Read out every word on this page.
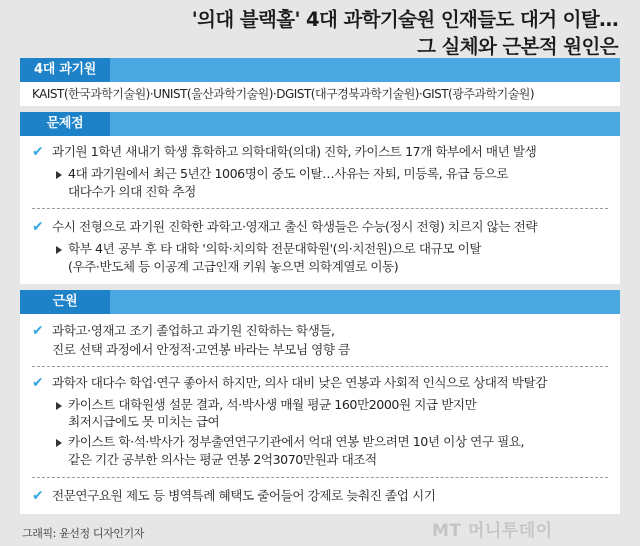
'의대 블랙홀' 4대 과학기술원 인재들도 대거 이탈…
그 실체와 근본적 원인은
4대 과기원
KAIST(한국과학기술원)·UNIST(울산과학기술원)·DGIST(대구경북과학기술원)·GIST(광주과학기술원)
문제점
✔ 과기원 1학년 새내기 학생 휴학하고 의학대학(의대) 진학, 카이스트 17개 학부에서 매년 발생
4대 과기원에서 최근 5년간 1006명이 중도 이탈…사유는 자퇴, 미등록, 유급 등으로
대다수가 의대 진학 추정
✔ 수시 전형으로 과기원 진학한 과학고·영재고 출신 학생들은 수능(정시 전형) 치르지 않는 전략
학부 4년 공부 후 타 대학 '의학·치의학 전문대학원'(의·치전원)으로 대규모 이탈
(우주·반도체 등 이공계 고급인재 키워 놓으면 의학계열로 이동)
근원
✔ 과학고·영재고 조기 졸업하고 과기원 진학하는 학생들,
진로 선택 과정에서 안정적·고연봉 바라는 부모님 영향 큼
✔ 과학자 대다수 학업·연구 좋아서 하지만, 의사 대비 낮은 연봉과 사회적 인식으로 상대적 박탈감
카이스트 대학원생 설문 결과, 석·박사생 매월 평균 160만2000원 지급 받지만
최저시급에도 못 미치는 급여
카이스트 학·석·박사가 정부출연연구기관에서 억대 연봉 받으려면 10년 이상 연구 필요,
같은 기간 공부한 의사는 평균 연봉 2억3070만원과 대조적
✔ 전문연구요원 제도 등 병역특례 혜택도 줄어들어 강제로 늦춰진 졸업 시기
그래픽: 윤선정 디자인기자	MT 머니투데이
